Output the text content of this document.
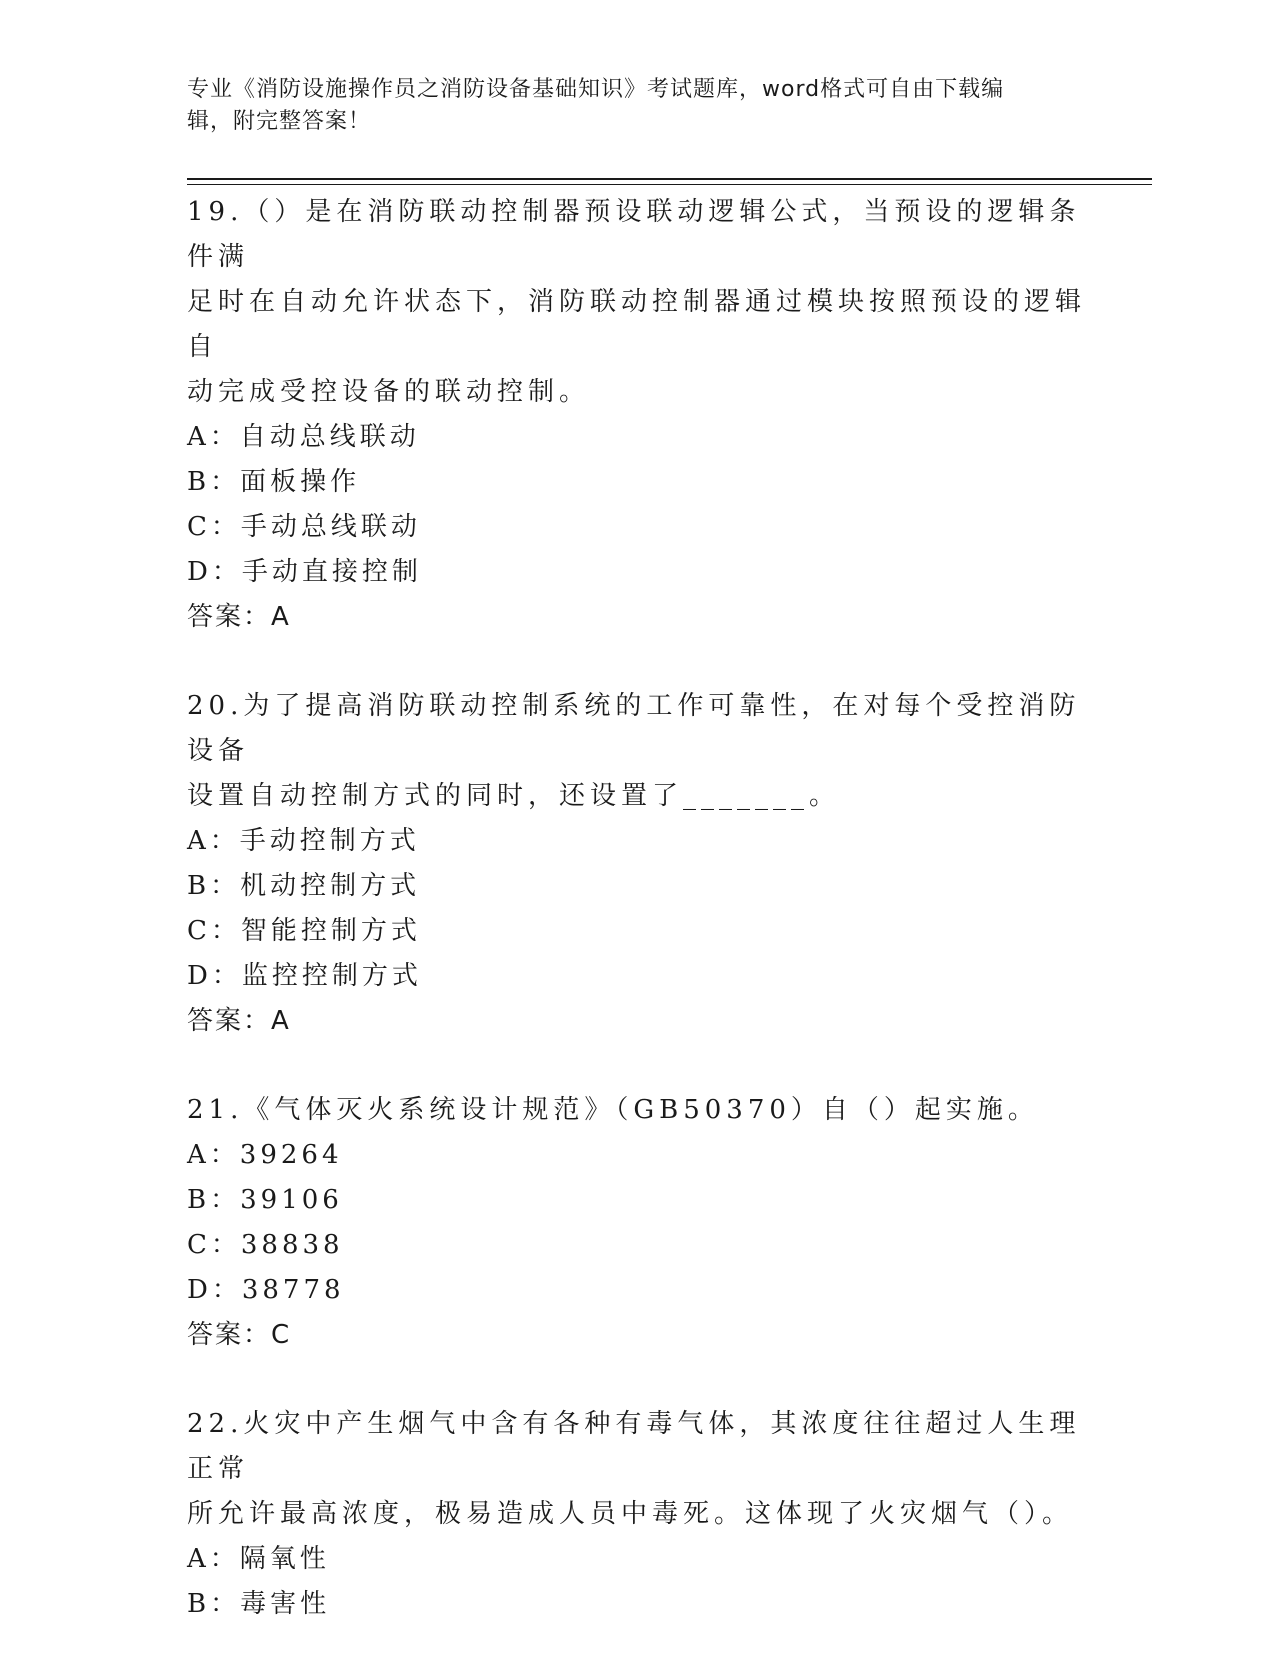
专业《消防设施操作员之消防设备基础知识》考试题库，word格式可自由下载编
辑，附完整答案！

19.（）是在消防联动控制器预设联动逻辑公式，当预设的逻辑条件满

足时在自动允许状态下，消防联动控制器通过模块按照预设的逻辑自

动完成受控设备的联动控制。

A：自动总线联动

B：面板操作

C：手动总线联动

D：手动直接控制

答案：A

20.为了提高消防联动控制系统的工作可靠性，在对每个受控消防设备

设置自动控制方式的同时，还设置了_______。

A：手动控制方式

B：机动控制方式

C：智能控制方式

D：监控控制方式

答案：A

21.《气体灭火系统设计规范》（GB50370）自（）起实施。

A：39264

B：39106

C：38838

D：38778

答案：C

22.火灾中产生烟气中含有各种有毒气体，其浓度往往超过人生理正常

所允许最高浓度，极易造成人员中毒死。这体现了火灾烟气（）。

A：隔氧性

B：毒害性
